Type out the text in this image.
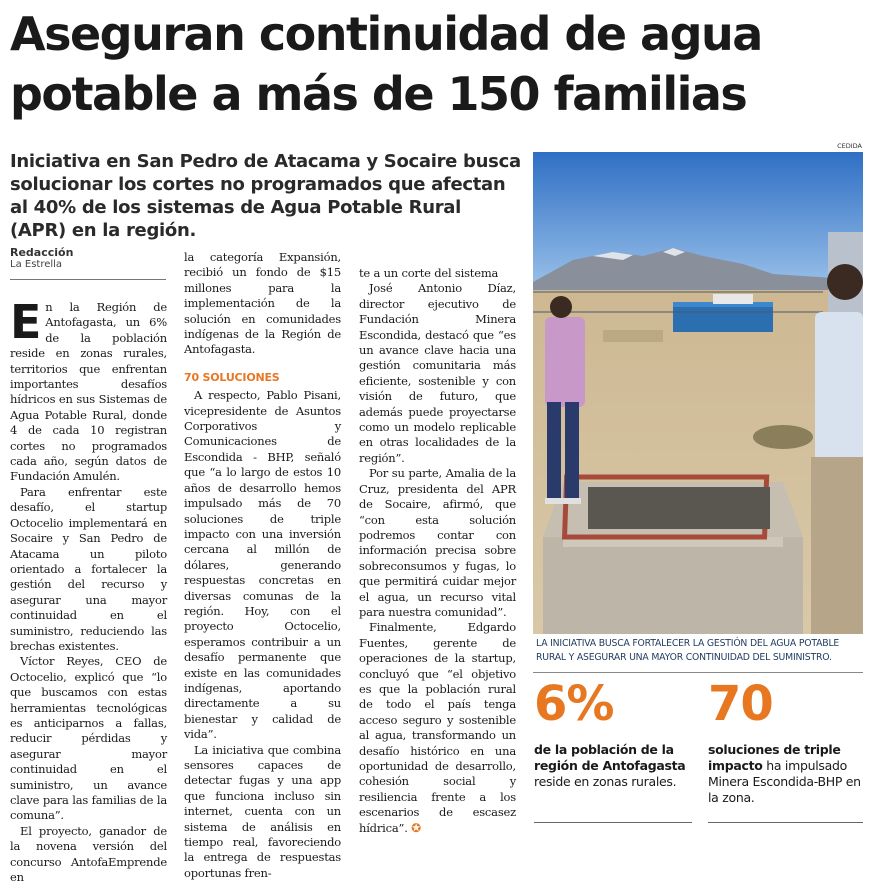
Aseguran continuidad de agua potable a más de 150 familias

Iniciativa en San Pedro de Atacama y Socaire busca solucionar los cortes no programados que afectan al 40% de los sistemas de Agua Potable Rural (APR) en la región.

CEDIDA
LA INICIATIVA BUSCA FORTALECER LA GESTIÓN DEL AGUA POTABLE RURAL Y ASEGURAR UNA MAYOR CONTINUIDAD DEL SUMINISTRO.
Redacción
La Estrella

En la Región de Antofagasta, un 6% de la población reside en zonas rurales, territorios que enfrentan importantes desafíos hídricos en sus Sistemas de Agua Potable Rural, donde 4 de cada 10 registran cortes no programados cada año, según datos de Fundación Amulén.

Para enfrentar este desafío, el startup Octocelio implementará en Socaire y San Pedro de Atacama un piloto orientado a fortalecer la gestión del recurso y asegurar una mayor continuidad en el suministro, reduciendo las brechas existentes.

Víctor Reyes, CEO de Octocelio, explicó que “lo que buscamos con estas herramientas tecnológicas es anticiparnos a fallas, reducir pérdidas y asegurar mayor continuidad en el suministro, un avance clave para las familias de la comuna”.

El proyecto, ganador de la novena versión del concurso AntofaEmprende en

la categoría Expansión, recibió un fondo de $15 millones para la implementación de la solución en comunidades indígenas de la Región de Antofagasta.

70 SOLUCIONES

A respecto, Pablo Pisani, vicepresidente de Asuntos Corporativos y Comunicaciones de Escondida - BHP, señaló que “a lo largo de estos 10 años de desarrollo hemos impulsado más de 70 soluciones de triple impacto con una inversión cercana al millón de dólares, generando respuestas concretas en diversas comunas de la región. Hoy, con el proyecto Octocelio, esperamos contribuir a un desafío permanente que existe en las comunidades indígenas, aportando directamente a su bienestar y calidad de vida”.

La iniciativa que combina sensores capaces de detectar fugas y una app que funciona incluso sin internet, cuenta con un sistema de análisis en tiempo real, favoreciendo la entrega de respuestas oportunas fren-

te a un corte del sistema

José Antonio Díaz, director ejecutivo de Fundación Minera Escondida, destacó que “es un avance clave hacia una gestión comunitaria más eficiente, sostenible y con visión de futuro, que además puede proyectarse como un modelo replicable en otras localidades de la región”.

Por su parte, Amalia de la Cruz, presidenta del APR de Socaire, afirmó, que “con esta solución podremos contar con información precisa sobre sobreconsumos y fugas, lo que permitirá cuidar mejor el agua, un recurso vital para nuestra comunidad”.

Finalmente, Edgardo Fuentes, gerente de operaciones de la startup, concluyó que “el objetivo es que la población rural de todo el país tenga acceso seguro y sostenible al agua, transformando un desafío histórico en una oportunidad de desarrollo, cohesión social y resiliencia frente a los escenarios de escasez hídrica”. ✪

6%
de la población de la región de Antofagasta reside en zonas rurales.
70
soluciones de triple impacto ha impulsado Minera Escondida-BHP en la zona.
